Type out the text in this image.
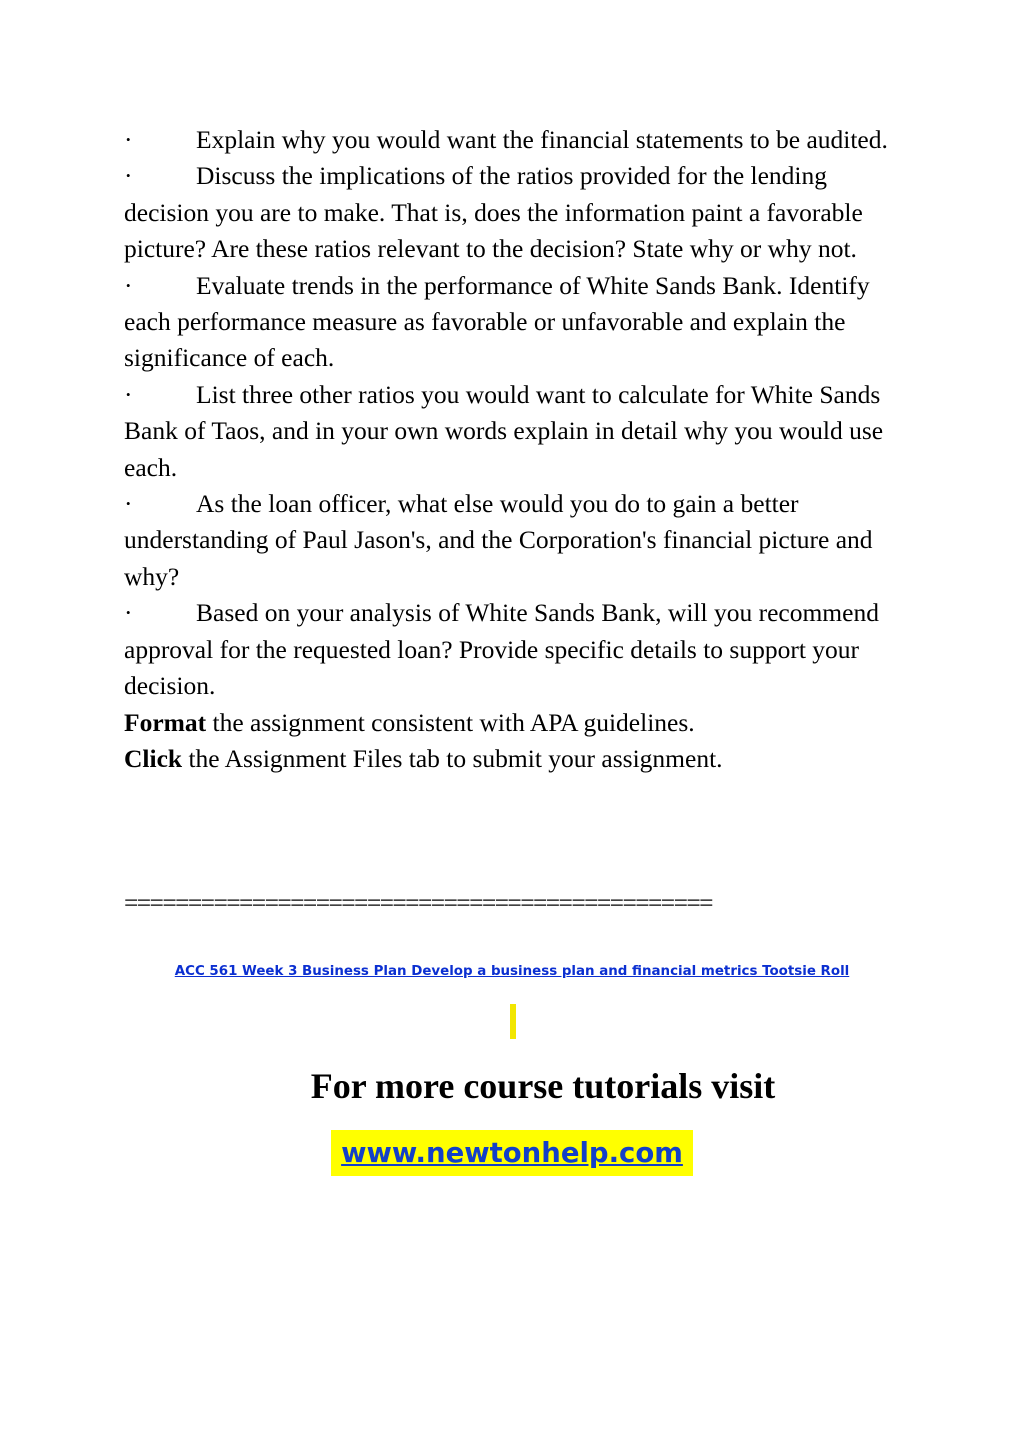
· Explain why you would want the financial statements to be audited.

· Discuss the implications of the ratios provided for the lending decision you are to make. That is, does the information paint a favorable picture? Are these ratios relevant to the decision? State why or why not.

· Evaluate trends in the performance of White Sands Bank. Identify each performance measure as favorable or unfavorable and explain the significance of each.

· List three other ratios you would want to calculate for White Sands Bank of Taos, and in your own words explain in detail why you would use each.

· As the loan officer, what else would you do to gain a better understanding of Paul Jason's, and the Corporation's financial picture and why?

· Based on your analysis of White Sands Bank, will you recommend approval for the requested loan? Provide specific details to support your decision.

Format the assignment consistent with APA guidelines.

Click the Assignment Files tab to submit your assignment.

==============================================
ACC 561 Week 3 Business Plan Develop a business plan and financial metrics Tootsie Roll
For more course tutorials visit
www.newtonhelp.com
